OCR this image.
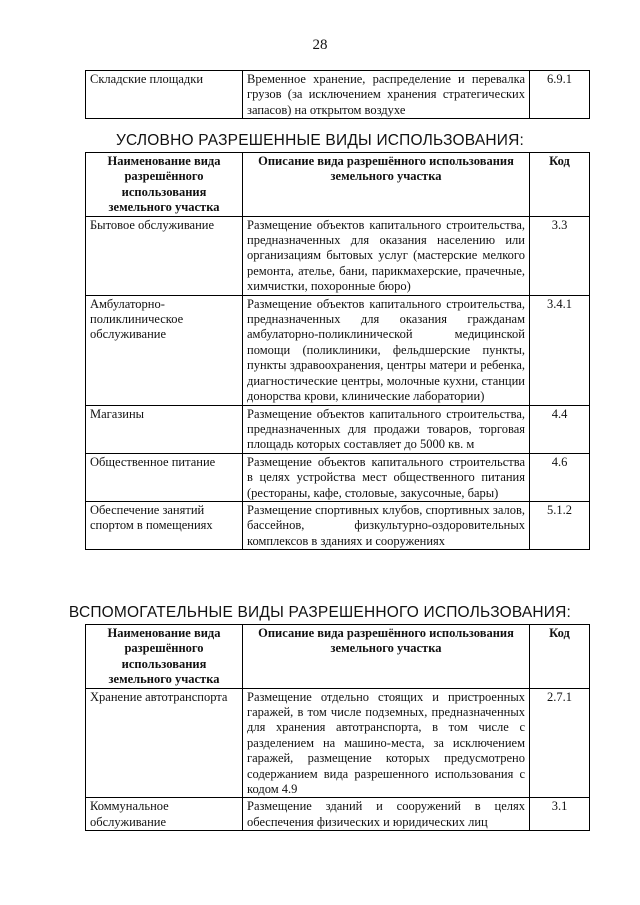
28
Складские площадки	Временное хранение, распределение и перевалка грузов (за исключением хранения стратегических запасов) на открытом воздухе	6.9.1
УСЛОВНО РАЗРЕШЕННЫЕ ВИДЫ ИСПОЛЬЗОВАНИЯ:
Наименование вида разрешённого использования земельного участка	Описание вида разрешённого использования земельного участка	Код
Бытовое обслуживание	Размещение объектов капитального строительства, предназначенных для оказания населению или организациям бытовых услуг (мастерские мелкого ремонта, ателье, бани, парикмахерские, прачечные, химчистки, похоронные бюро)	3.3
Амбулаторно-поликлиническое обслуживание	Размещение объектов капитального строительства, предназначенных для оказания гражданам амбулаторно-поликлинической медицинской помощи (поликлиники, фельдшерские пункты, пункты здравоохранения, центры матери и ребенка, диагностические центры, молочные кухни, станции донорства крови, клинические лаборатории)	3.4.1
Магазины	Размещение объектов капитального строительства, предназначенных для продажи товаров, торговая площадь которых составляет до 5000 кв. м	4.4
Общественное питание	Размещение объектов капитального строительства в целях устройства мест общественного питания (рестораны, кафе, столовые, закусочные, бары)	4.6
Обеспечение занятий спортом в помещениях	Размещение спортивных клубов, спортивных залов, бассейнов, физкультурно-оздоровительных комплексов в зданиях и сооружениях	5.1.2
ВСПОМОГАТЕЛЬНЫЕ ВИДЫ РАЗРЕШЕННОГО ИСПОЛЬЗОВАНИЯ:
Наименование вида разрешённого использования земельного участка	Описание вида разрешённого использования земельного участка	Код
Хранение автотранспорта	Размещение отдельно стоящих и пристроенных гаражей, в том числе подземных, предназначенных для хранения автотранспорта, в том числе с разделением на машино-места, за исключением гаражей, размещение которых предусмотрено содержанием вида разрешенного использования с кодом 4.9	2.7.1
Коммунальное обслуживание	Размещение зданий и сооружений в целях обеспечения физических и юридических лиц	3.1
